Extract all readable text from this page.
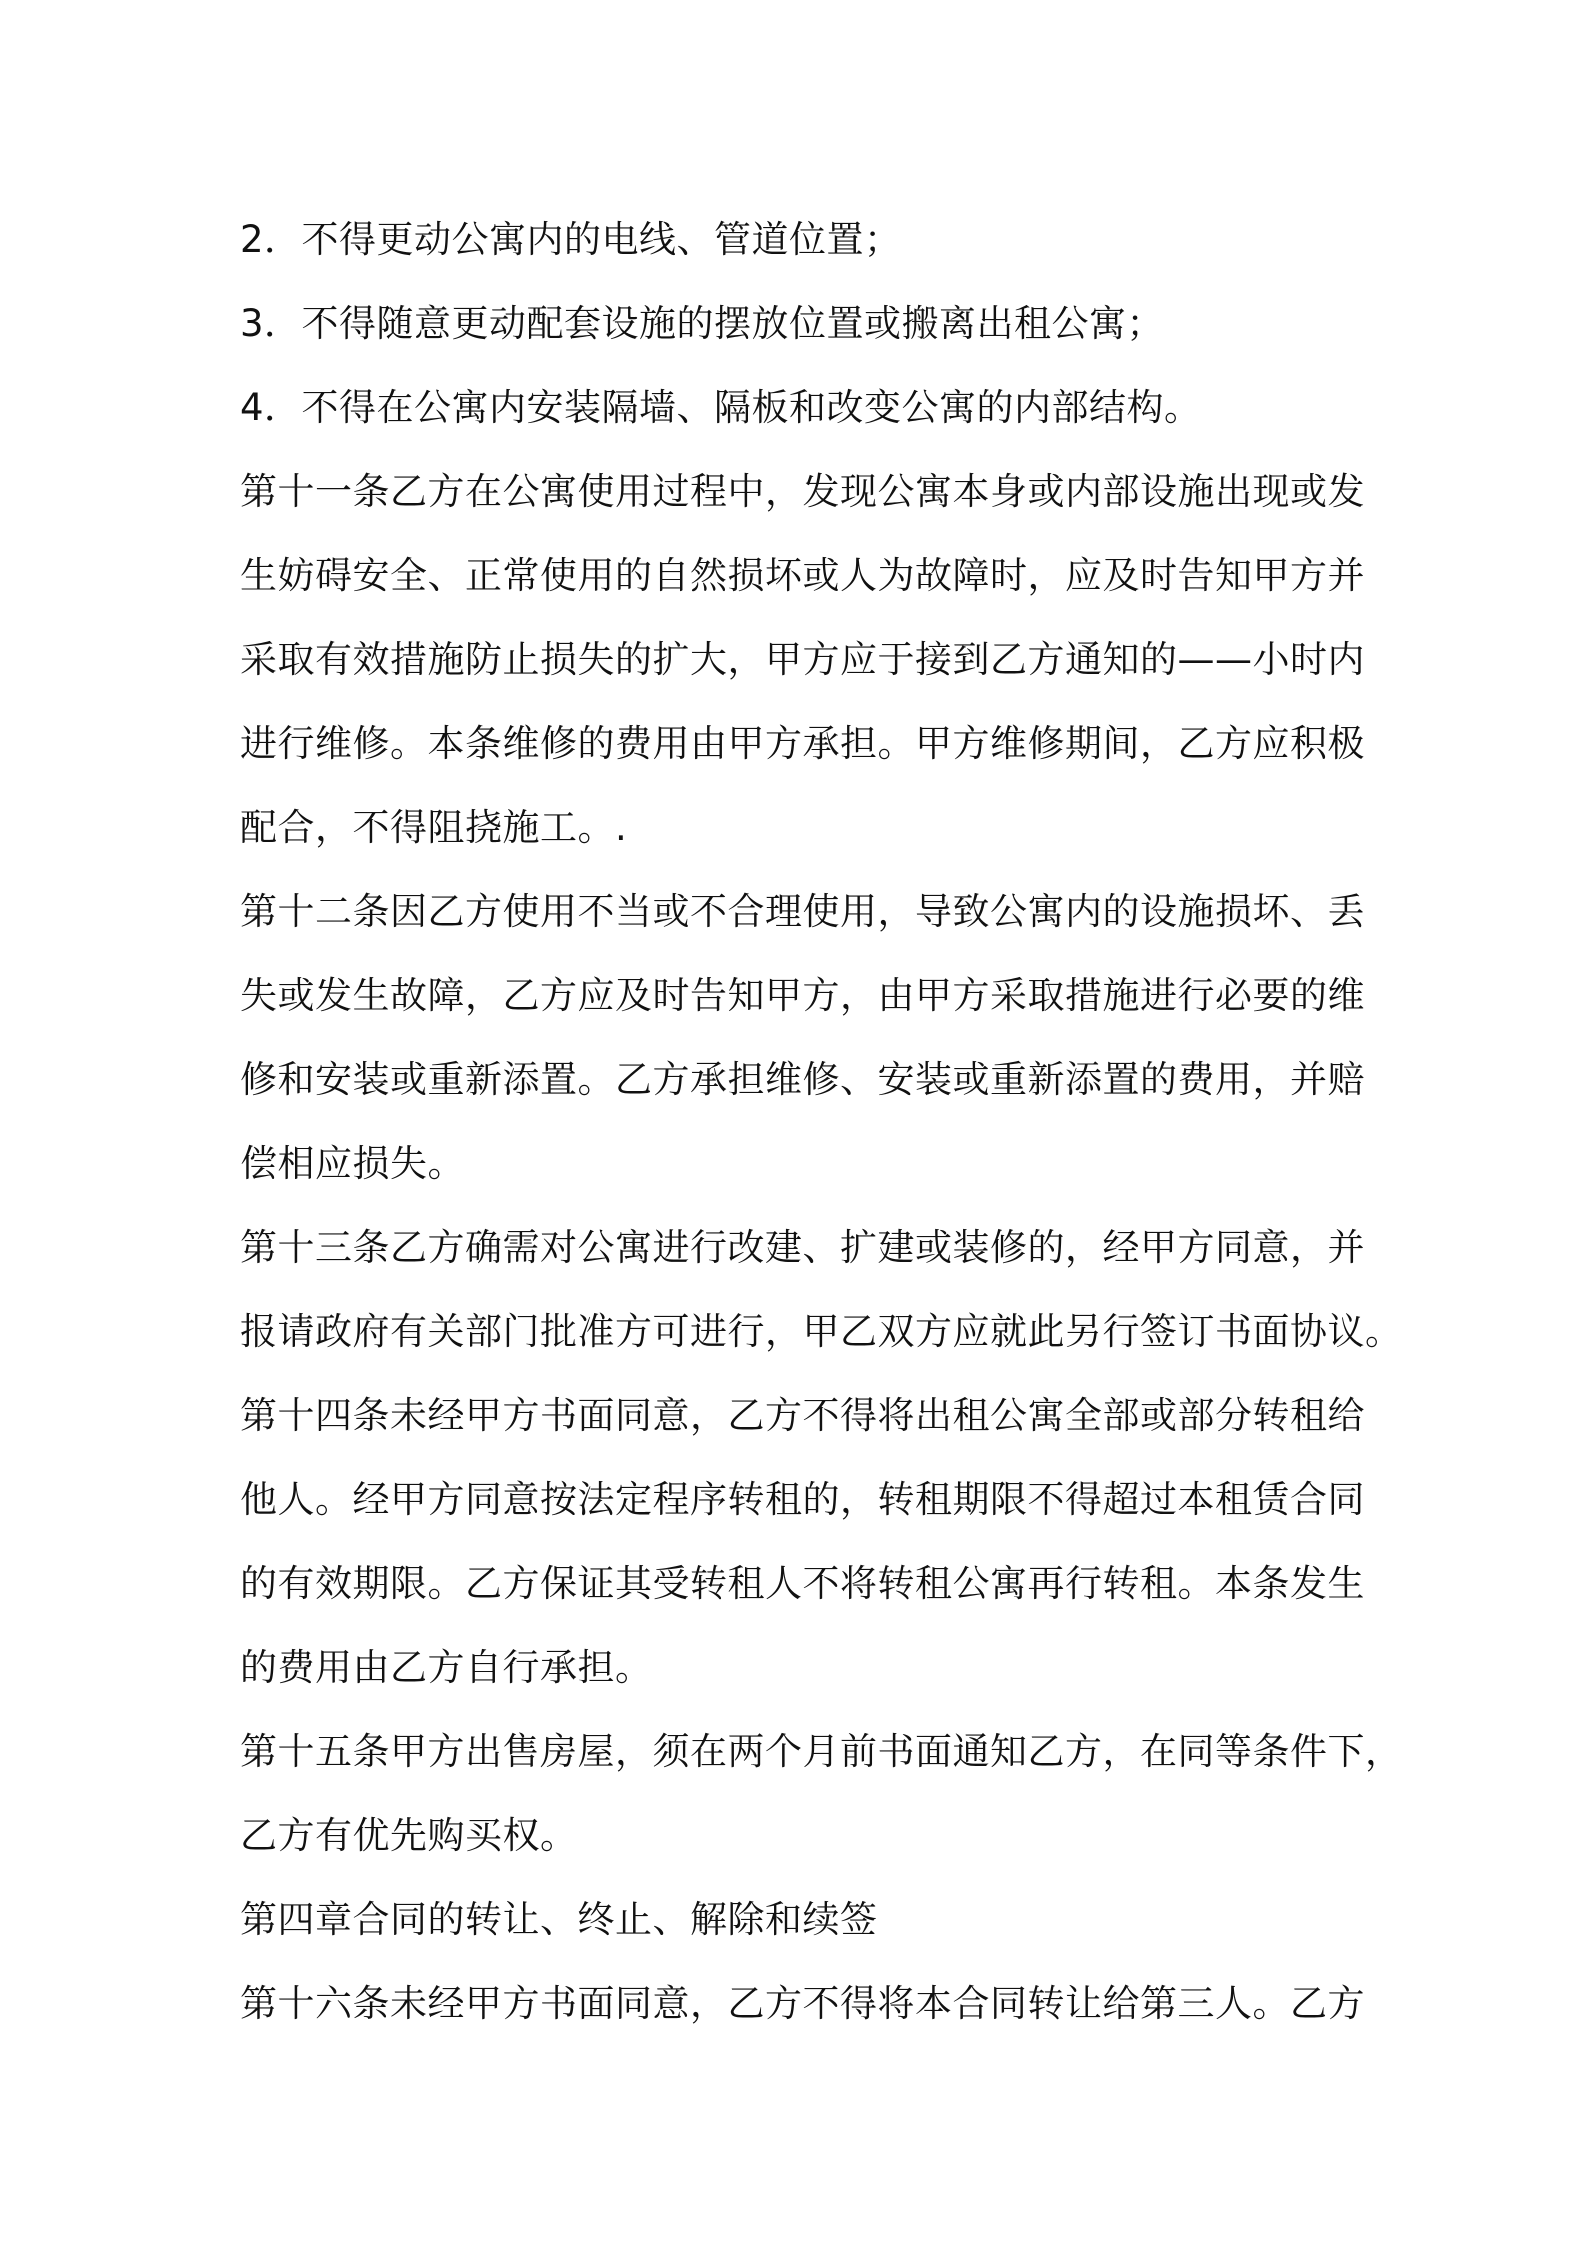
2．不得更动公寓内的电线、管道位置；
3．不得随意更动配套设施的摆放位置或搬离出租公寓；
4．不得在公寓内安装隔墙、隔板和改变公寓的内部结构。
第十一条乙方在公寓使用过程中，发现公寓本身或内部设施出现或发
生妨碍安全、正常使用的自然损坏或人为故障时，应及时告知甲方并
采取有效措施防止损失的扩大，甲方应于接到乙方通知的——小时内
进行维修。本条维修的费用由甲方承担。甲方维修期间，乙方应积极
配合，不得阻挠施工。.
第十二条因乙方使用不当或不合理使用，导致公寓内的设施损坏、丢
失或发生故障，乙方应及时告知甲方，由甲方采取措施进行必要的维
修和安装或重新添置。乙方承担维修、安装或重新添置的费用，并赔
偿相应损失。
第十三条乙方确需对公寓进行改建、扩建或装修的，经甲方同意，并
报请政府有关部门批准方可进行，甲乙双方应就此另行签订书面协议。
第十四条未经甲方书面同意，乙方不得将出租公寓全部或部分转租给
他人。经甲方同意按法定程序转租的，转租期限不得超过本租赁合同
的有效期限。乙方保证其受转租人不将转租公寓再行转租。本条发生
的费用由乙方自行承担。
第十五条甲方出售房屋，须在两个月前书面通知乙方，在同等条件下，
乙方有优先购买权。
第四章合同的转让、终止、解除和续签
第十六条未经甲方书面同意，乙方不得将本合同转让给第三人。乙方
